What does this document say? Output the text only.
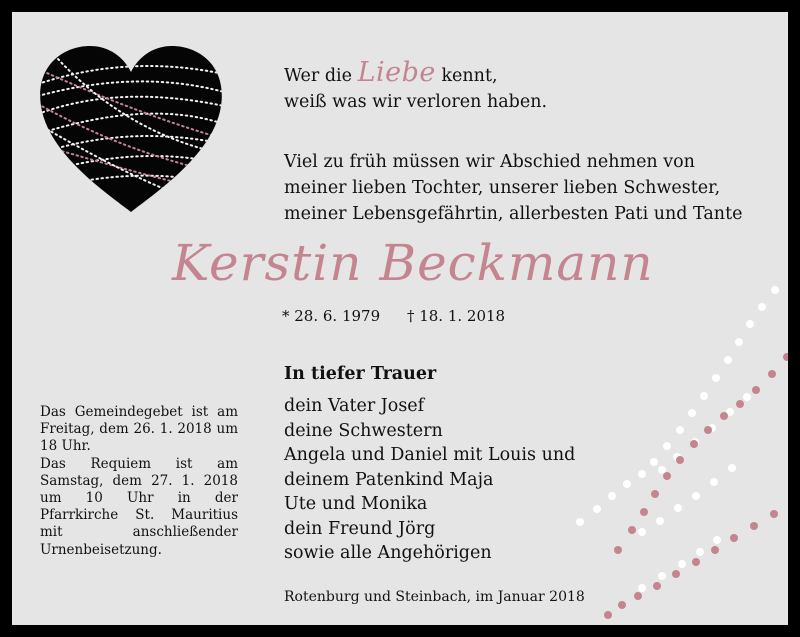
Wer die Liebe kennt,
weiß was wir verloren haben.
Viel zu früh müssen wir Abschied nehmen von
meiner lieben Tochter, unserer lieben Schwester,
meiner Lebensgefährtin, allerbesten Pati und Tante
Kerstin Beckmann
* 28. 6. 1979 † 18. 1. 2018
In tiefer Trauer
dein Vater Josef
deine Schwestern
Angela und Daniel mit Louis und
deinem Patenkind Maja
Ute und Monika
dein Freund Jörg
sowie alle Angehörigen

Das Gemeindegebet ist am Freitag, dem 26. 1. 2018 um 18 Uhr.

Das Requiem ist am Samstag, dem 27. 1. 2018 um 10 Uhr in der Pfarrkirche St. Mauritius mit anschließender Urnenbeisetzung.

Rotenburg und Steinbach, im Januar 2018
